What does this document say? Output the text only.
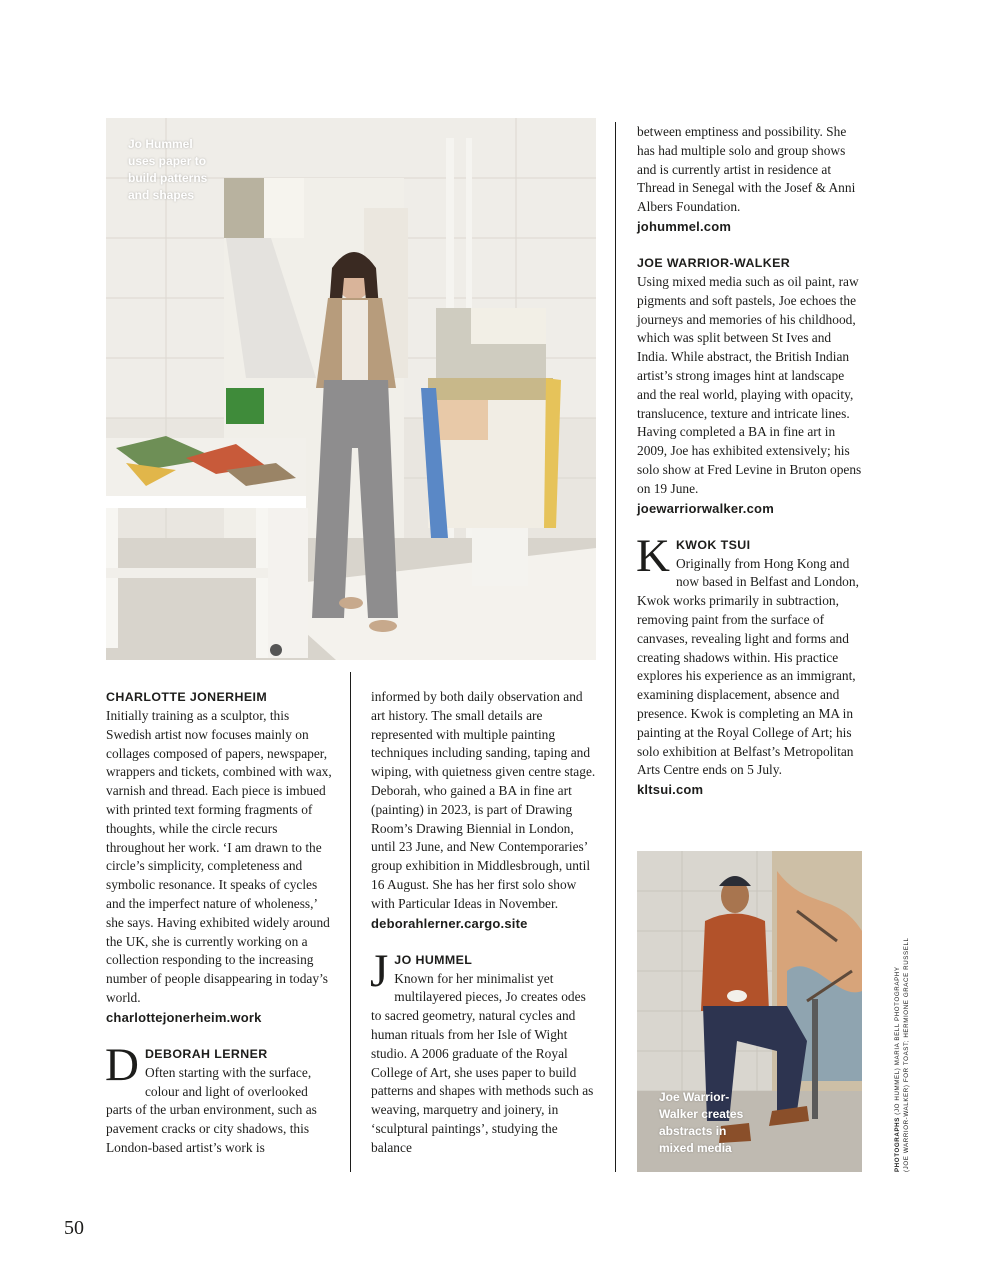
Jo Hummel
uses paper to
build patterns
and shapes

CHARLOTTE JONERHEIM

Initially training as a sculptor, this Swedish artist now focuses mainly on collages composed of papers, newspaper, wrappers and tickets, combined with wax, varnish and thread. Each piece is imbued with printed text forming fragments of thoughts, while the circle recurs throughout her work. ‘I am drawn to the circle’s simplicity, completeness and symbolic resonance. It speaks of cycles and the imperfect nature of wholeness,’ she says. Having exhibited widely around the UK, she is currently working on a collection responding to the increasing number of people disappearing in today’s world.

charlottejonerheim.work

D DEBORAH LERNER
Often starting with the surface, colour and light of overlooked parts of the urban environment, such as pavement cracks or city shadows, this London-based artist’s work is

informed by both daily observation and art history. The small details are represented with multiple painting techniques including sanding, taping and wiping, with quietness given centre stage. Deborah, who gained a BA in fine art (painting) in 2023, is part of Drawing Room’s Drawing Biennial in London, until 23 June, and New Contemporaries’ group exhibition in Middlesbrough, until 16 August. She has her first solo show with Particular Ideas in November.

deborahlerner.cargo.site

J JO HUMMEL
Known for her minimalist yet multilayered pieces, Jo creates odes to sacred geometry, natural cycles and human rituals from her Isle of Wight studio. A 2006 graduate of the Royal College of Art, she uses paper to build patterns and shapes with methods such as weaving, marquetry and joinery, in ‘sculptural paintings’, studying the balance

between emptiness and possibility. She has had multiple solo and group shows and is currently artist in residence at Thread in Senegal with the Josef & Anni Albers Foundation.

johummel.com

JOE WARRIOR-WALKER

Using mixed media such as oil paint, raw pigments and soft pastels, Joe echoes the journeys and memories of his childhood, which was split between St Ives and India. While abstract, the British Indian artist’s strong images hint at landscape and the real world, playing with opacity, translucence, texture and intricate lines. Having completed a BA in fine art in 2009, Joe has exhibited extensively; his solo show at Fred Levine in Bruton opens on 19 June.

joewarriorwalker.com

K KWOK TSUI
Originally from Hong Kong and now based in Belfast and London, Kwok works primarily in subtraction, removing paint from the surface of canvases, revealing light and forms and creating shadows within. His practice explores his experience as an immigrant, examining displacement, absence and presence. Kwok is completing an MA in painting at the Royal College of Art; his solo exhibition at Belfast’s Metropolitan Arts Centre ends on 5 July.

kltsui.com

Joe Warrior-
Walker creates
abstracts in
mixed media	PHOTOGRAPHS (JO HUMMEL) MARIA BELL PHOTOGRAPHY (JOE WARRIOR-WALKER) FOR TOAST; HERMIONE GRACE RUSSELL
50
